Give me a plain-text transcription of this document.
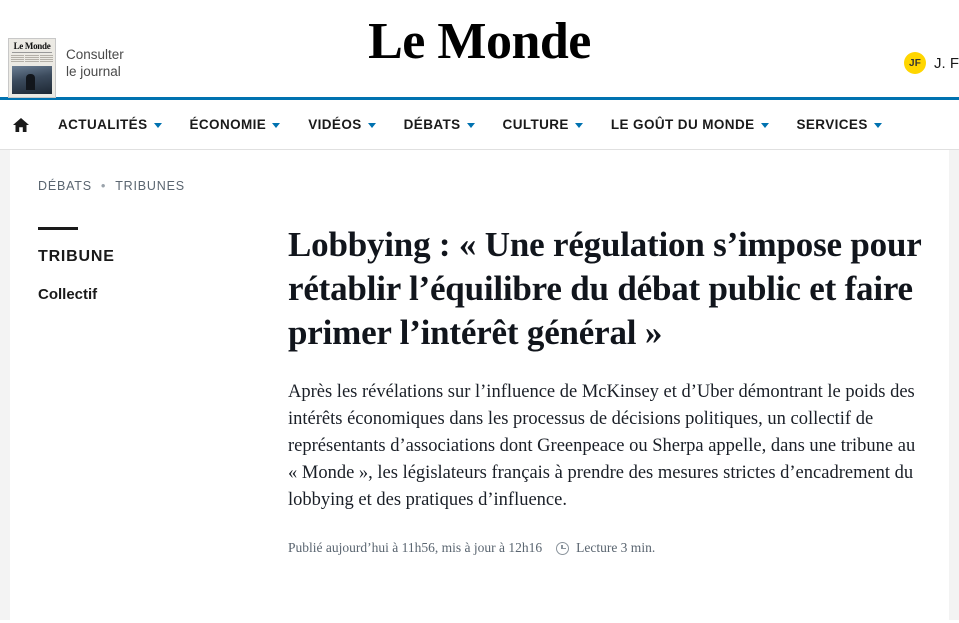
Le Monde
Consulter
le journal
Le Monde	JF J. F
ACTUALITÉS	ÉCONOMIE	VIDÉOS	DÉBATS	CULTURE	LE GOÛT DU MONDE	SERVICES
DÉBATS • TRIBUNES
TRIBUNE
Collectif
Lobbying : « Une régulation s’impose pour rétablir l’équilibre du débat public et faire primer l’intérêt général »

Après les révélations sur l’influence de McKinsey et d’Uber démontrant le poids des intérêts économiques dans les processus de décisions politiques, un collectif de représentants d’associations dont Greenpeace ou Sherpa appelle, dans une tribune au « Monde », les législateurs français à prendre des mesures strictes d’encadrement du lobbying et des pratiques d’influence.

Publié aujourd’hui à 11h56, mis à jour à 12h16	Lecture 3 min.
